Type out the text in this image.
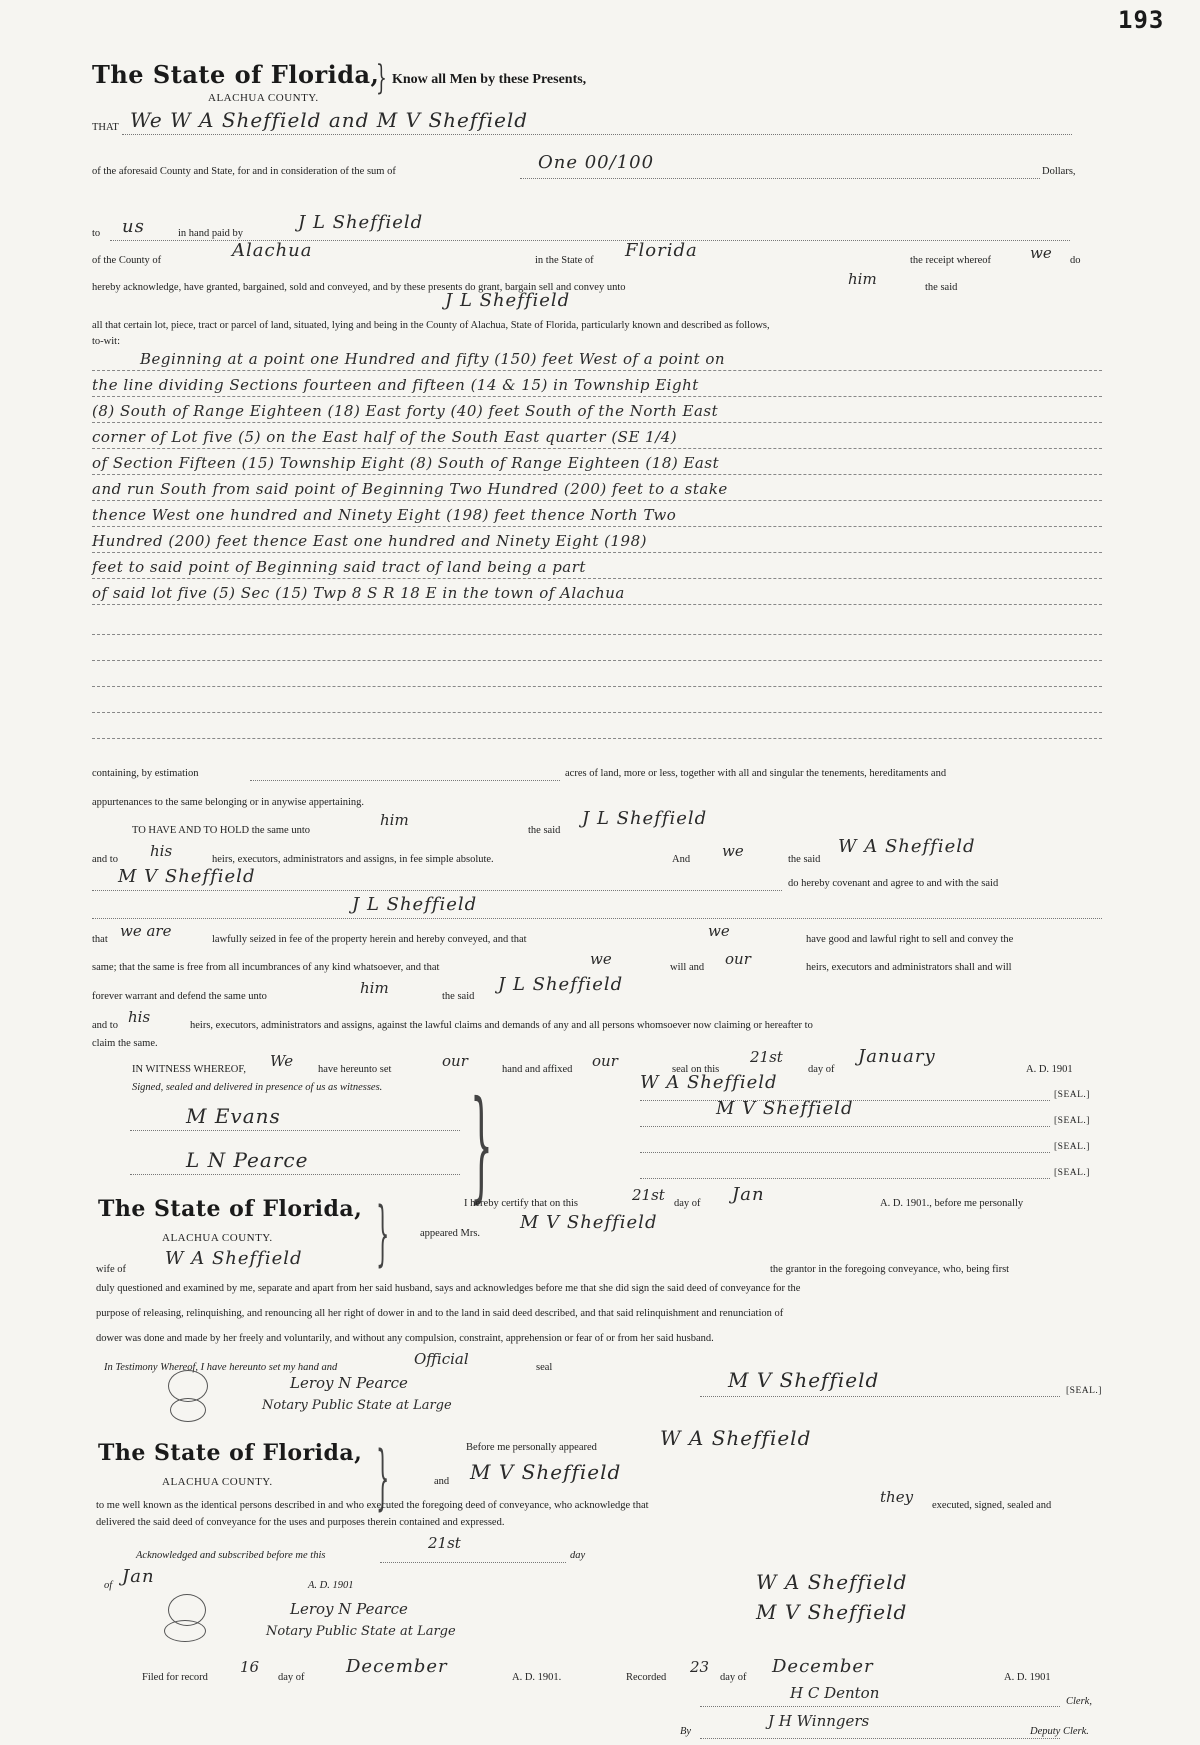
193
The State of Florida,
} Know all Men by these Presents,
ALACHUA COUNTY.
THAT We W A Sheffield and M V Sheffield
of the aforesaid County and State, for and in consideration of the sum of	One 00/100	Dollars,
to us	in hand paid by
J L Sheffield
of the County of	Alachua	in the State of Florida	the receipt whereof	we do
hereby acknowledge, have granted, bargained, sold and conveyed, and by these presents do grant, bargain sell and convey unto	him	the said
J L Sheffield
all that certain lot, piece, tract or parcel of land, situated, lying and being in the County of Alachua, State of Florida, particularly known and described as follows,
to-wit:
Beginning at a point one Hundred and fifty (150) feet West of a point on
the line dividing Sections fourteen and fifteen (14 & 15) in Township Eight
(8) South of Range Eighteen (18) East forty (40) feet South of the North East
corner of Lot five (5) on the East half of the South East quarter (SE 1/4)
of Section Fifteen (15) Township Eight (8) South of Range Eighteen (18) East
and run South from said point of Beginning Two Hundred (200) feet to a stake
thence West one hundred and Ninety Eight (198) feet thence North Two
Hundred (200) feet thence East one hundred and Ninety Eight (198)
feet to said point of Beginning said tract of land being a part
of said lot five (5) Sec (15) Twp 8 S R 18 E in the town of Alachua
containing, by estimation	acres of land, more or less, together with all and singular the tenements, hereditaments and
appurtenances to the same belonging or in anywise appertaining.
TO HAVE AND TO HOLD the same unto
him
the said
J L Sheffield
and to his	heirs, executors, administrators and assigns, in fee simple absolute.	And we	the said
W A Sheffield
M V Sheffield	do hereby covenant and agree to and with the said
J L Sheffield
that we are	lawfully seized in fee of the property herein and hereby conveyed, and that	we	have good and lawful right to sell and convey the
same; that the same is free from all incumbrances of any kind whatsoever, and that	we	will and our	heirs, executors and administrators shall and will
forever warrant and defend the same unto	him	the said
J L Sheffield
and to his	heirs, executors, administrators and assigns, against the lawful claims and demands of any and all persons whomsoever now claiming or hereafter to
claim the same.
IN WITNESS WHEREOF, We have hereunto set	our	hand and affixed our	seal on this
21st
day of
January
A. D. 1901
Signed, sealed and delivered in presence of us as witnesses. }	W A Sheffield
M V Sheffield
[SEAL.]
[SEAL.]
[SEAL.]
[SEAL.]
M Evans
L N Pearce
The State of Florida,
ALACHUA COUNTY. }	I hereby certify that on this	21st day of Jan	A. D. 1901., before me personally
appeared Mrs.
M V Sheffield
wife of
W A Sheffield
the grantor in the foregoing conveyance, who, being first
duly questioned and examined by me, separate and apart from her said husband, says and acknowledges before me that she did sign the said deed of conveyance for the
purpose of releasing, relinquishing, and renouncing all her right of dower in and to the land in said deed described, and that said relinquishment and renunciation of
dower was done and made by her freely and voluntarily, and without any compulsion, constraint, apprehension or fear of or from her said husband.
In Testimony Whereof, I have hereunto set my hand and	Official	seal
Leroy N Pearce
Notary Public State at Large
M V Sheffield	[SEAL.]
The State of Florida,
ALACHUA COUNTY. }	Before me personally appeared	W A Sheffield
and M V Sheffield
to me well known as the identical persons described in and who executed the foregoing deed of conveyance, who acknowledge that	they executed, signed, sealed and
delivered the said deed of conveyance for the uses and purposes therein contained and expressed.
Acknowledged and subscribed before me this
21st
day
of Jan	A. D. 1901
Leroy N Pearce
Notary Public State at Large
W A Sheffield
M V Sheffield
Filed for record
16
day of
December
A. D. 1901.	Recorded
23
day of
December
A. D. 1901
H C Denton	Clerk,
By
J H Winngers
Deputy Clerk.
